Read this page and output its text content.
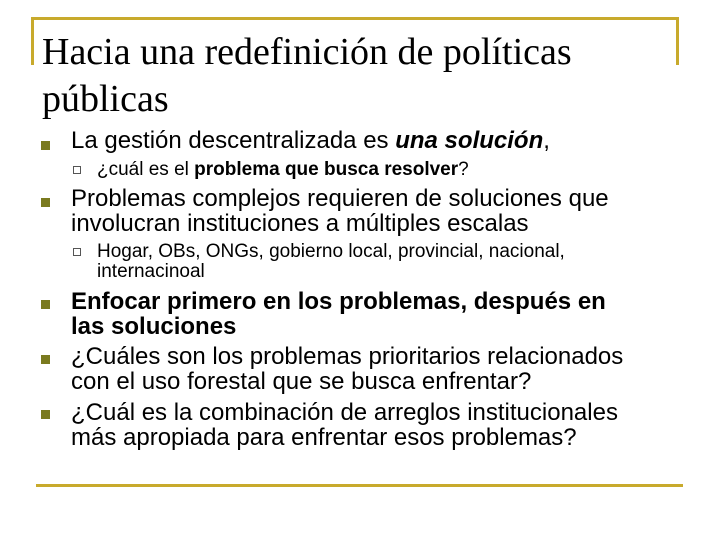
Hacia una redefinición de políticas
públicas
La gestión descentralizada es una solución,
¿cuál es el problema que busca resolver?
Problemas complejos requieren de soluciones que
involucran instituciones a múltiples escalas
Hogar, OBs, ONGs, gobierno local, provincial, nacional,
internacinoal
Enfocar primero en los problemas, después en
las soluciones
¿Cuáles son los problemas prioritarios relacionados
con el uso forestal que se busca enfrentar?
¿Cuál es la combinación de arreglos institucionales
más apropiada para enfrentar esos problemas?
